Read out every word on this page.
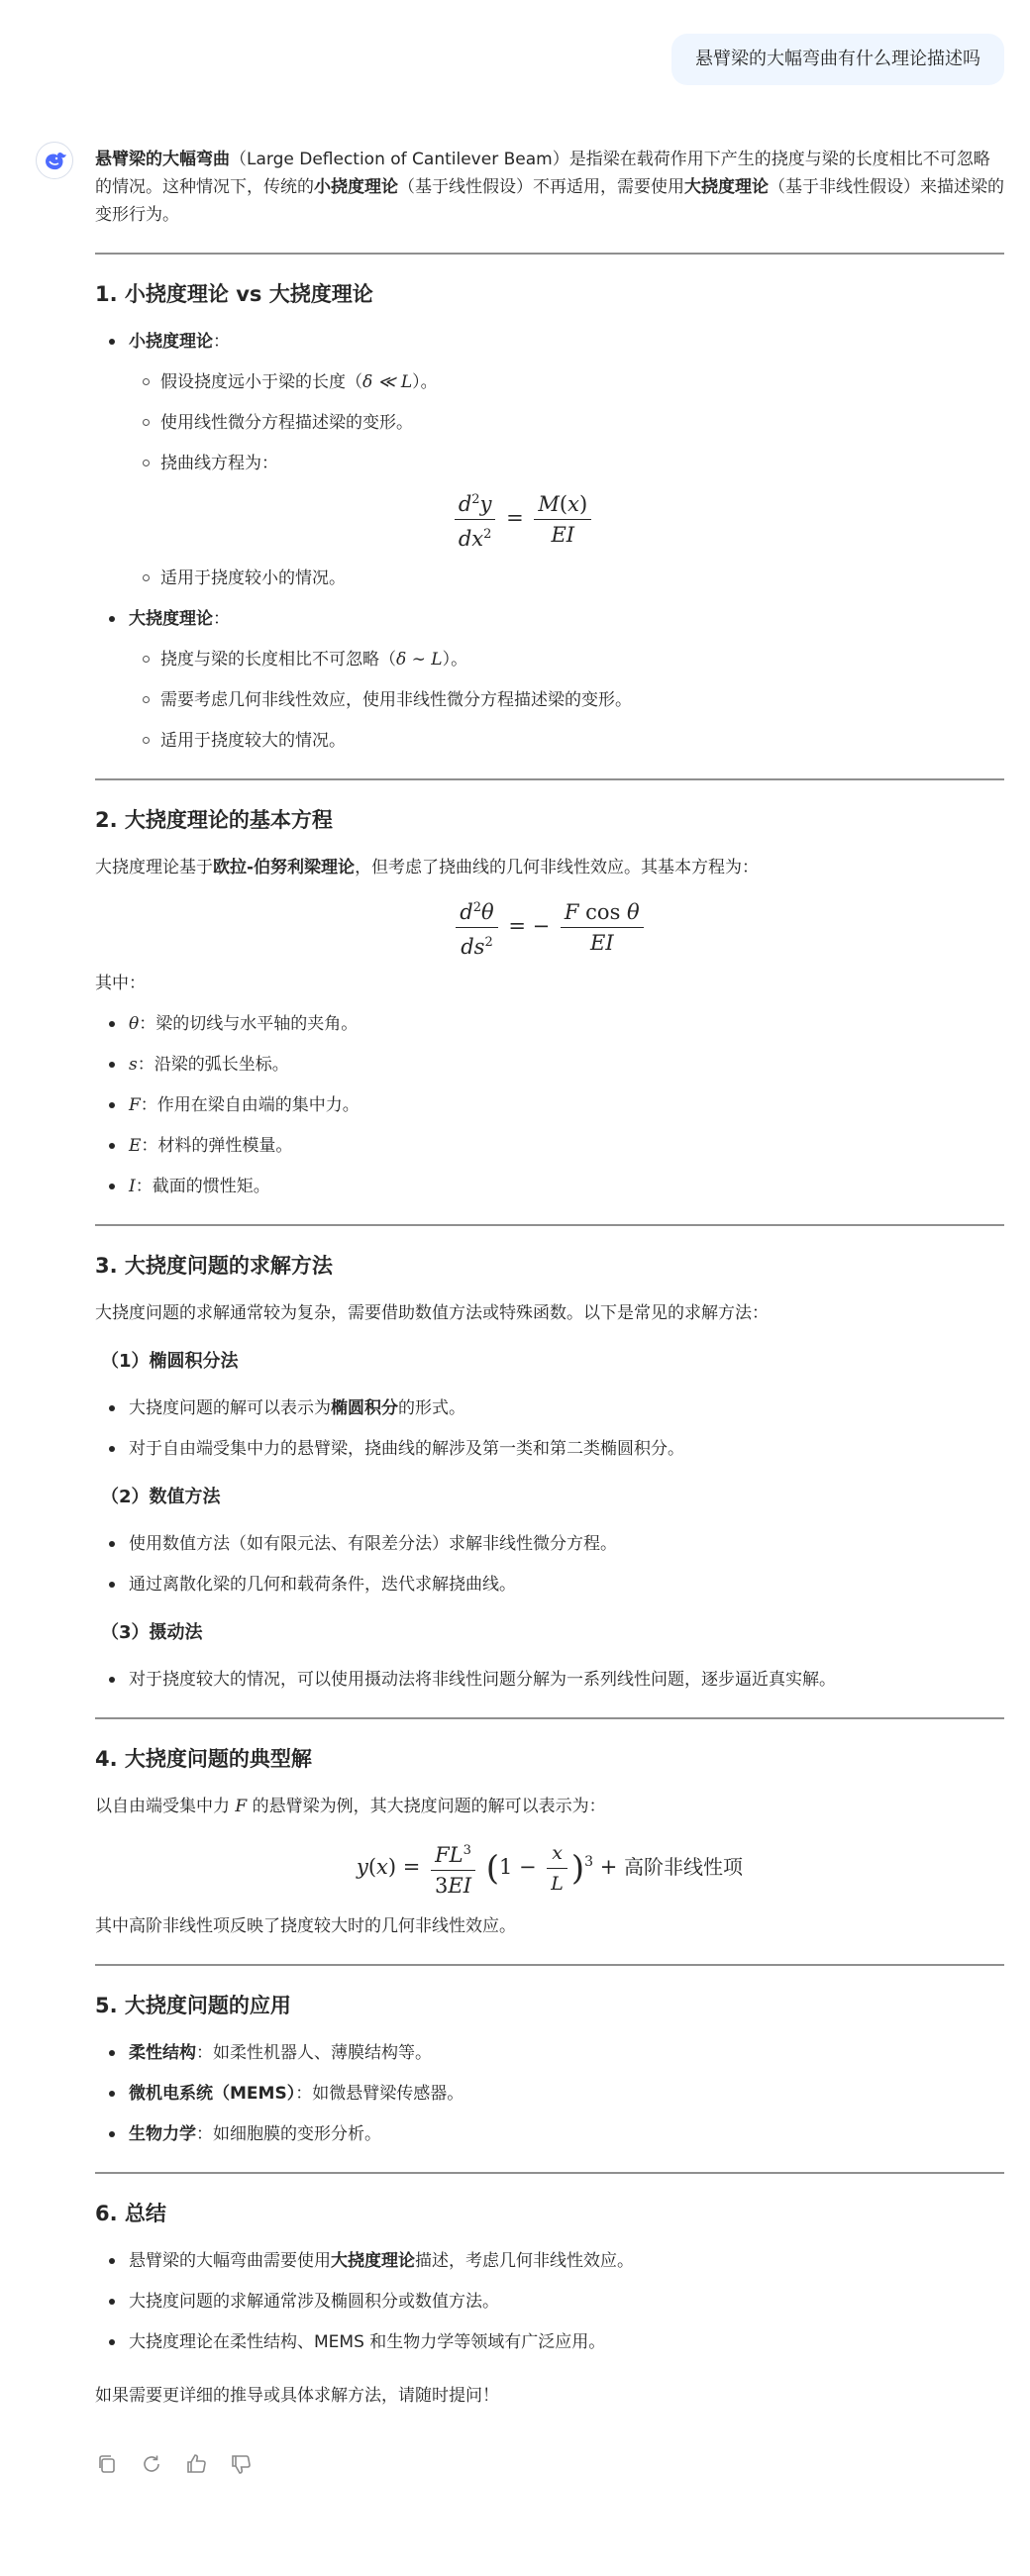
悬臂梁的大幅弯曲有什么理论描述吗

悬臂梁的大幅弯曲（Large Deflection of Cantilever Beam）是指梁在载荷作用下产生的挠度与梁的长度相比不可忽略的情况。这种情况下，传统的小挠度理论（基于线性假设）不再适用，需要使用大挠度理论（基于非线性假设）来描述梁的变形行为。

1. 小挠度理论 vs 大挠度理论
小挠度理论：
假设挠度远小于梁的长度（δ ≪ L）。
使用线性微分方程描述梁的变形。
挠曲线方程为：
$\frac{d^2y}{dx^2} = \frac{M(x)}{EI}$
适用于挠度较小的情况。
大挠度理论：
挠度与梁的长度相比不可忽略（δ ∼ L）。
需要考虑几何非线性效应，使用非线性微分方程描述梁的变形。
适用于挠度较大的情况。
2. 大挠度理论的基本方程

大挠度理论基于欧拉-伯努利梁理论，但考虑了挠曲线的几何非线性效应。其基本方程为：

$\frac{d^2\theta}{ds^2}$ = − $\frac{\text{F cos θ}}{EI}$

其中：

θ：梁的切线与水平轴的夹角。
s：沿梁的弧长坐标。
F：作用在梁自由端的集中力。
E：材料的弹性模量。
I：截面的惯性矩。
3. 大挠度问题的求解方法

大挠度问题的求解通常较为复杂，需要借助数值方法或特殊函数。以下是常见的求解方法：

（1）椭圆积分法
大挠度问题的解可以表示为椭圆积分的形式。
对于自由端受集中力的悬臂梁，挠曲线的解涉及第一类和第二类椭圆积分。
（2）数值方法
使用数值方法（如有限元法、有限差分法）求解非线性微分方程。
通过离散化梁的几何和载荷条件，迭代求解挠曲线。
（3）摄动法
对于挠度较大的情况，可以使用摄动法将非线性问题分解为一系列线性问题，逐步逼近真实解。
4. 大挠度问题的典型解

以自由端受集中力 F 的悬臂梁为例，其大挠度问题的解可以表示为：

$y(x) = \frac{FL^3}{3EI} (1 - \frac{x}{L} )^3$ + 高阶非线性项

其中高阶非线性项反映了挠度较大时的几何非线性效应。

5. 大挠度问题的应用
柔性结构：如柔性机器人、薄膜结构等。
微机电系统（MEMS）：如微悬臂梁传感器。
生物力学：如细胞膜的变形分析。
6. 总结
悬臂梁的大幅弯曲需要使用大挠度理论描述，考虑几何非线性效应。
大挠度问题的求解通常涉及椭圆积分或数值方法。
大挠度理论在柔性结构、MEMS 和生物力学等领域有广泛应用。

如果需要更详细的推导或具体求解方法，请随时提问！
